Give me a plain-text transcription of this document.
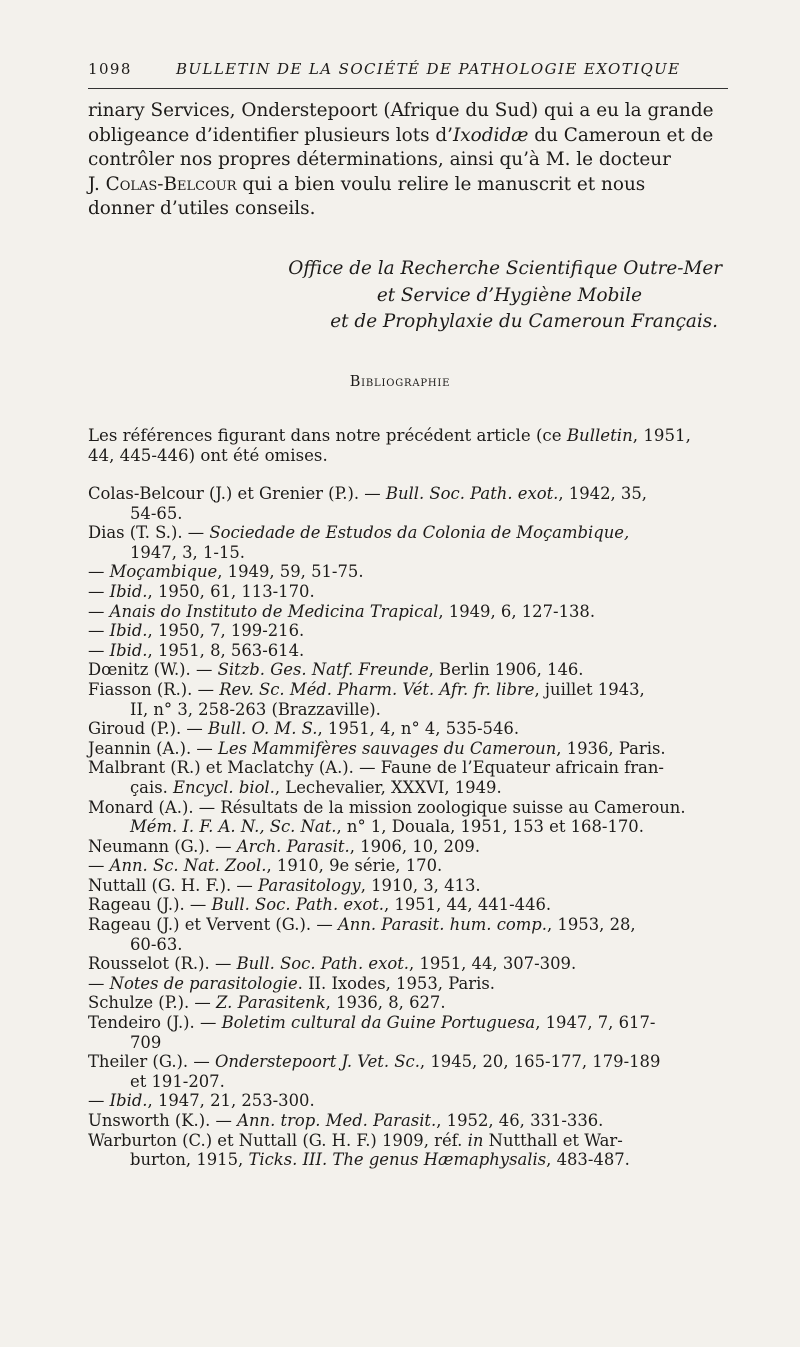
1098	BULLETIN DE LA SOCIÉTÉ DE PATHOLOGIE EXOTIQUE
rinary Services, Onderstepoort (Afrique du Sud) qui a eu la grande
obligeance d’identifier plusieurs lots d’Ixodidæ du Cameroun et de
contrôler nos propres déterminations, ainsi qu’à M. le docteur
J. Colas-Belcour qui a bien voulu relire le manuscrit et nous
donner d’utiles conseils.
Office de la Recherche Scientifique Outre-Mer
et Service d’Hygiène Mobile
et de Prophylaxie du Cameroun Français.
Bibliographie
Les références figurant dans notre précédent article (ce Bulletin, 1951,
44, 445-446) ont été omises.
Colas-Belcour (J.) et Grenier (P.). — Bull. Soc. Path. exot., 1942, 35,
54-65.
Dias (T. S.). — Sociedade de Estudos da Colonia de Moçambique,
1947, 3, 1-15.
— Moçambique, 1949, 59, 51-75.
— Ibid., 1950, 61, 113-170.
— Anais do Instituto de Medicina Trapical, 1949, 6, 127-138.
— Ibid., 1950, 7, 199-216.
— Ibid., 1951, 8, 563-614.
Dœnitz (W.). — Sitzb. Ges. Natf. Freunde, Berlin 1906, 146.
Fiasson (R.). — Rev. Sc. Méd. Pharm. Vét. Afr. fr. libre, juillet 1943,
II, n° 3, 258-263 (Brazzaville).
Giroud (P.). — Bull. O. M. S., 1951, 4, n° 4, 535-546.
Jeannin (A.). — Les Mammifères sauvages du Cameroun, 1936, Paris.
Malbrant (R.) et Maclatchy (A.). — Faune de l’Equateur africain fran-
çais. Encycl. biol., Lechevalier, XXXVI, 1949.
Monard (A.). — Résultats de la mission zoologique suisse au Cameroun.
Mém. I. F. A. N., Sc. Nat., n° 1, Douala, 1951, 153 et 168-170.
Neumann (G.). — Arch. Parasit., 1906, 10, 209.
— Ann. Sc. Nat. Zool., 1910, 9e série, 170.
Nuttall (G. H. F.). — Parasitology, 1910, 3, 413.
Rageau (J.). — Bull. Soc. Path. exot., 1951, 44, 441-446.
Rageau (J.) et Vervent (G.). — Ann. Parasit. hum. comp., 1953, 28,
60-63.
Rousselot (R.). — Bull. Soc. Path. exot., 1951, 44, 307-309.
— Notes de parasitologie. II. Ixodes, 1953, Paris.
Schulze (P.). — Z. Parasitenk, 1936, 8, 627.
Tendeiro (J.). — Boletim cultural da Guine Portuguesa, 1947, 7, 617-
709
Theiler (G.). — Onderstepoort J. Vet. Sc., 1945, 20, 165-177, 179-189
et 191-207.
— Ibid., 1947, 21, 253-300.
Unsworth (K.). — Ann. trop. Med. Parasit., 1952, 46, 331-336.
Warburton (C.) et Nuttall (G. H. F.) 1909, réf. in Nutthall et War-
burton, 1915, Ticks. III. The genus Hæmaphysalis, 483-487.
